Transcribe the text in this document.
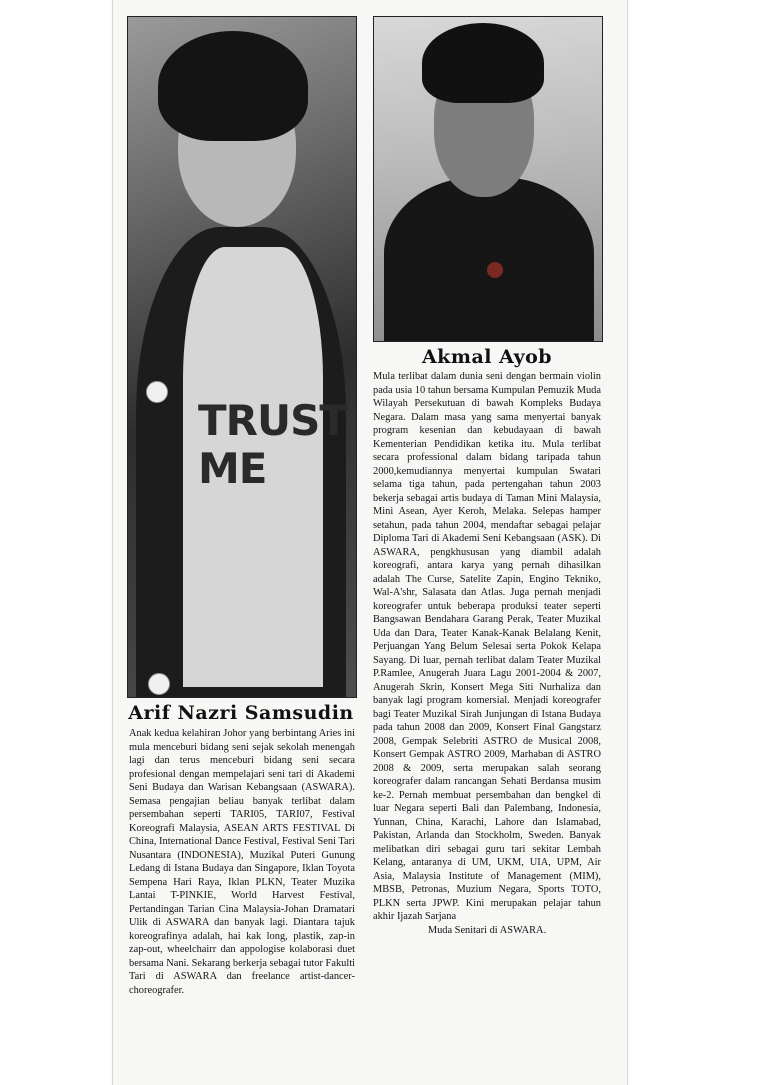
TRUST ME
Arif Nazri Samsudin
Akmal Ayob

Anak kedua kelahiran Johor yang berbintang Aries ini mula menceburi bidang seni sejak sekolah menengah lagi dan terus menceburi bidang seni secara profesional dengan mempelajari seni tari di Akademi Seni Budaya dan Warisan Kebangsaan (ASWARA). Semasa pengajian beliau banyak terlibat dalam persembahan seperti TARI05, TARI07, Festival Koreografi Malaysia, ASEAN ARTS FESTIVAL Di China, International Dance Festival, Festival Seni Tari Nusantara (INDONESIA), Muzikal Puteri Gunung Ledang di Istana Budaya dan Singapore, Iklan Toyota Sempena Hari Raya, Iklan PLKN, Teater Muzika Lantai T-PINKIE, World Harvest Festival, Pertandingan Tarian Cina Malaysia-Johan Dramatari Ulik di ASWARA dan banyak lagi. Diantara tajuk koreografinya adalah, hai kak long, plastik, zap-in zap-out, wheelchairr dan appologise kolaborasi duet bersama Nani. Sekarang berkerja sebagai tutor Fakulti Tari di ASWARA dan freelance artist-dancer-choreografer.

Mula terlibat dalam dunia seni dengan bermain violin pada usia 10 tahun bersama Kumpulan Pemuzik Muda Wilayah Persekutuan di bawah Kompleks Budaya Negara. Dalam masa yang sama menyertai banyak program kesenian dan kebudayaan di bawah Kementerian Pendidikan ketika itu. Mula terlibat secara professional dalam bidang taripada tahun 2000,kemudiannya menyertai kumpulan Swatari selama tiga tahun, pada pertengahan tahun 2003 bekerja sebagai artis budaya di Taman Mini Malaysia, Mini Asean, Ayer Keroh, Melaka. Selepas hamper setahun, pada tahun 2004, mendaftar sebagai pelajar Diploma Tari di Akademi Seni Kebangsaan (ASK). Di ASWARA, pengkhususan yang diambil adalah koreografi, antara karya yang pernah dihasilkan adalah The Curse, Satelite Zapin, Engino Tekniko, Wal-A'shr, Salasata dan Atlas. Juga pernah menjadi koreografer untuk beberapa produksi teater seperti Bangsawan Bendahara Garang Perak, Teater Muzikal Uda dan Dara, Teater Kanak-Kanak Belalang Kenit, Perjuangan Yang Belum Selesai serta Pokok Kelapa Sayang. Di luar, pernah terlibat dalam Teater Muzikal P.Ramlee, Anugerah Juara Lagu 2001-2004 & 2007, Anugerah Skrin, Konsert Mega Siti Nurhaliza dan banyak lagi program komersial. Menjadi koreografer bagi Teater Muzikal Sirah Junjungan di Istana Budaya pada tahun 2008 dan 2009, Konsert Final Gangstarz 2008, Gempak Selebriti ASTRO de Musical 2008, Konsert Gempak ASTRO 2009, Marhaban di ASTRO 2008 & 2009, serta merupakan salah seorang koreografer dalam rancangan Sehati Berdansa musim ke-2. Pernah membuat persembahan dan bengkel di luar Negara seperti Bali dan Palembang, Indonesia, Yunnan, China, Karachi, Lahore dan Islamabad, Pakistan, Arlanda dan Stockholm, Sweden. Banyak melibatkan diri sebagai guru tari sekitar Lembah Kelang, antaranya di UM, UKM, UIA, UPM, Air Asia, Malaysia Institute of Management (MIM), MBSB, Petronas, Muzium Negara, Sports TOTO, PLKN serta JPWP. Kini merupakan pelajar tahun akhir Ijazah Sarjana
Muda Senitari di ASWARA.
